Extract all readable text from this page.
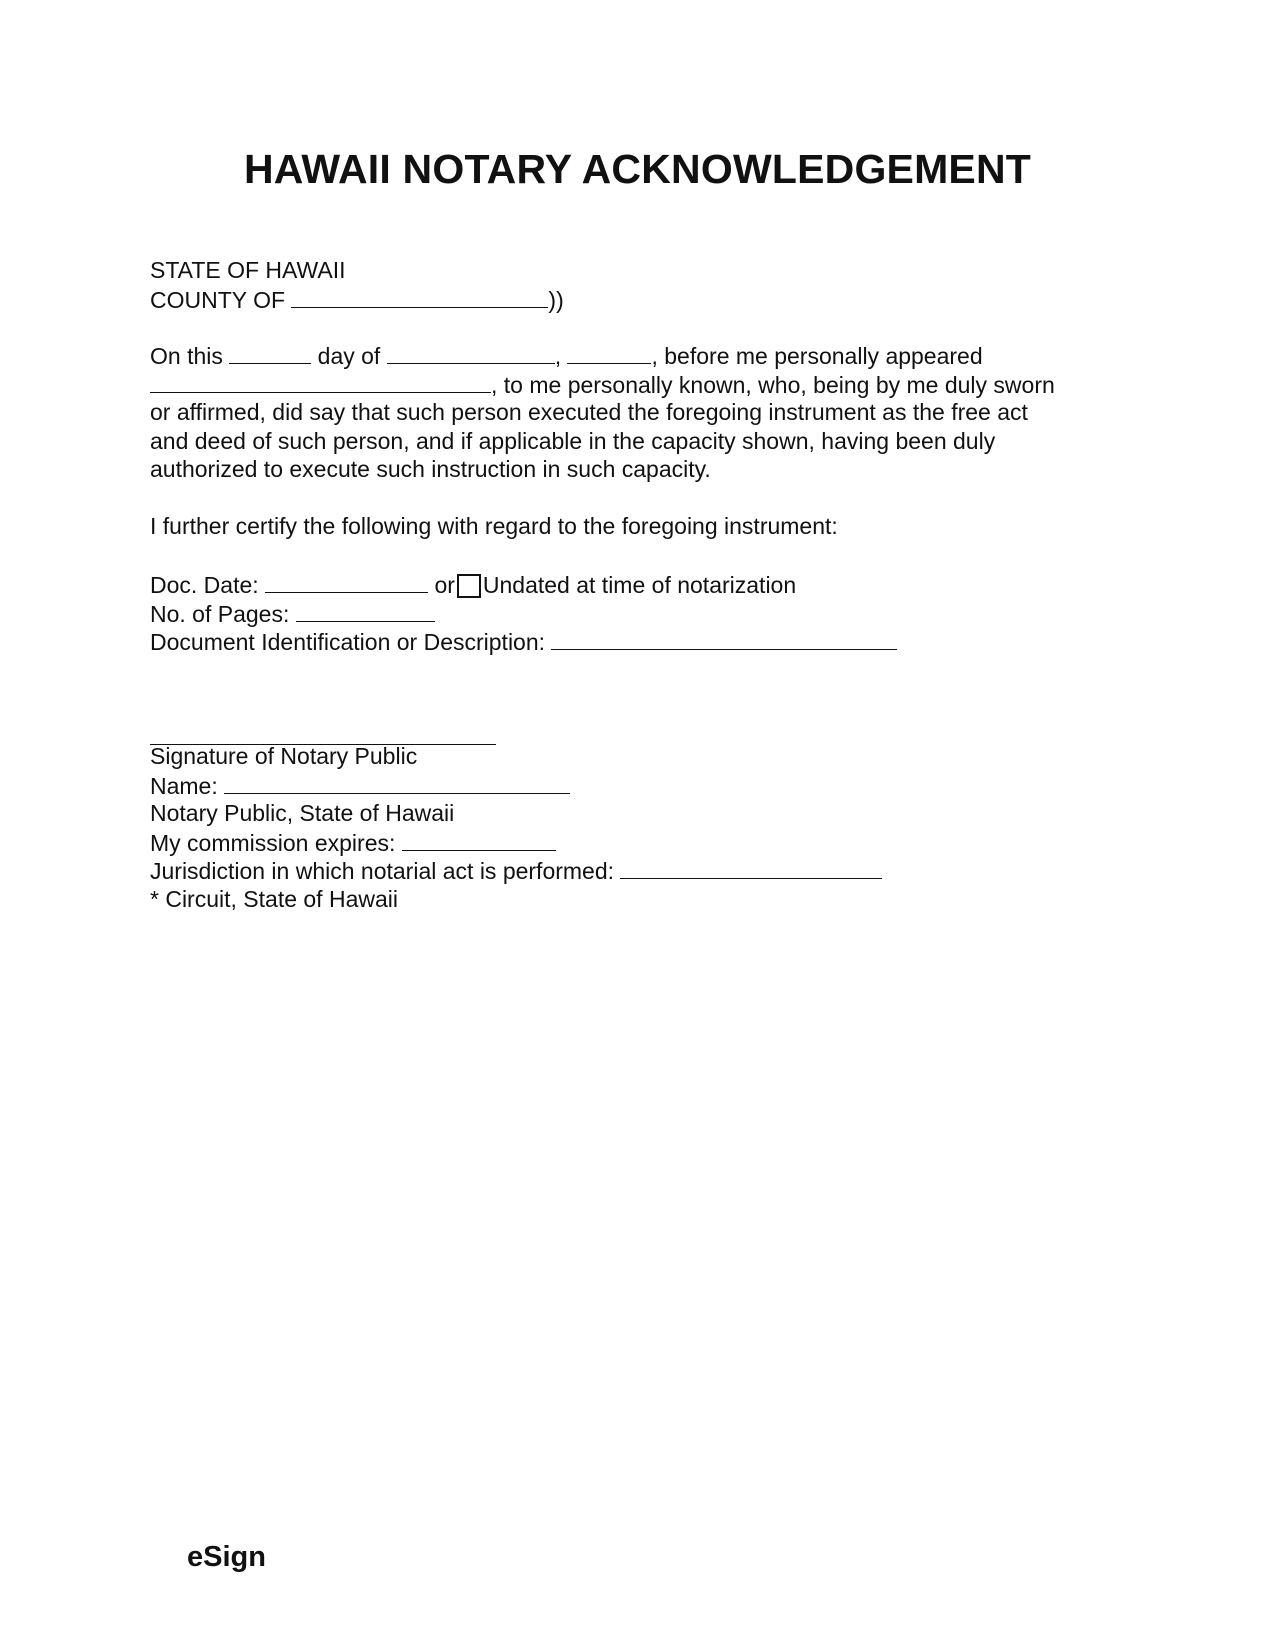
HAWAII NOTARY ACKNOWLEDGEMENT
STATE OF HAWAII
COUNTY OF	))
On this	day of	,	, before me personally appeared
, to me personally known, who, being by me duly sworn
or affirmed, did say that such person executed the foregoing instrument as the free act
and deed of such person, and if applicable in the capacity shown, having been duly
authorized to execute such instruction in such capacity.
I further certify the following with regard to the foregoing instrument:
Doc. Date:	or Undated at time of notarization
No. of Pages:
Document Identification or Description:
Signature of Notary Public
Name:
Notary Public, State of Hawaii
My commission expires:
Jurisdiction in which notarial act is performed:
* Circuit, State of Hawaii
eSign
